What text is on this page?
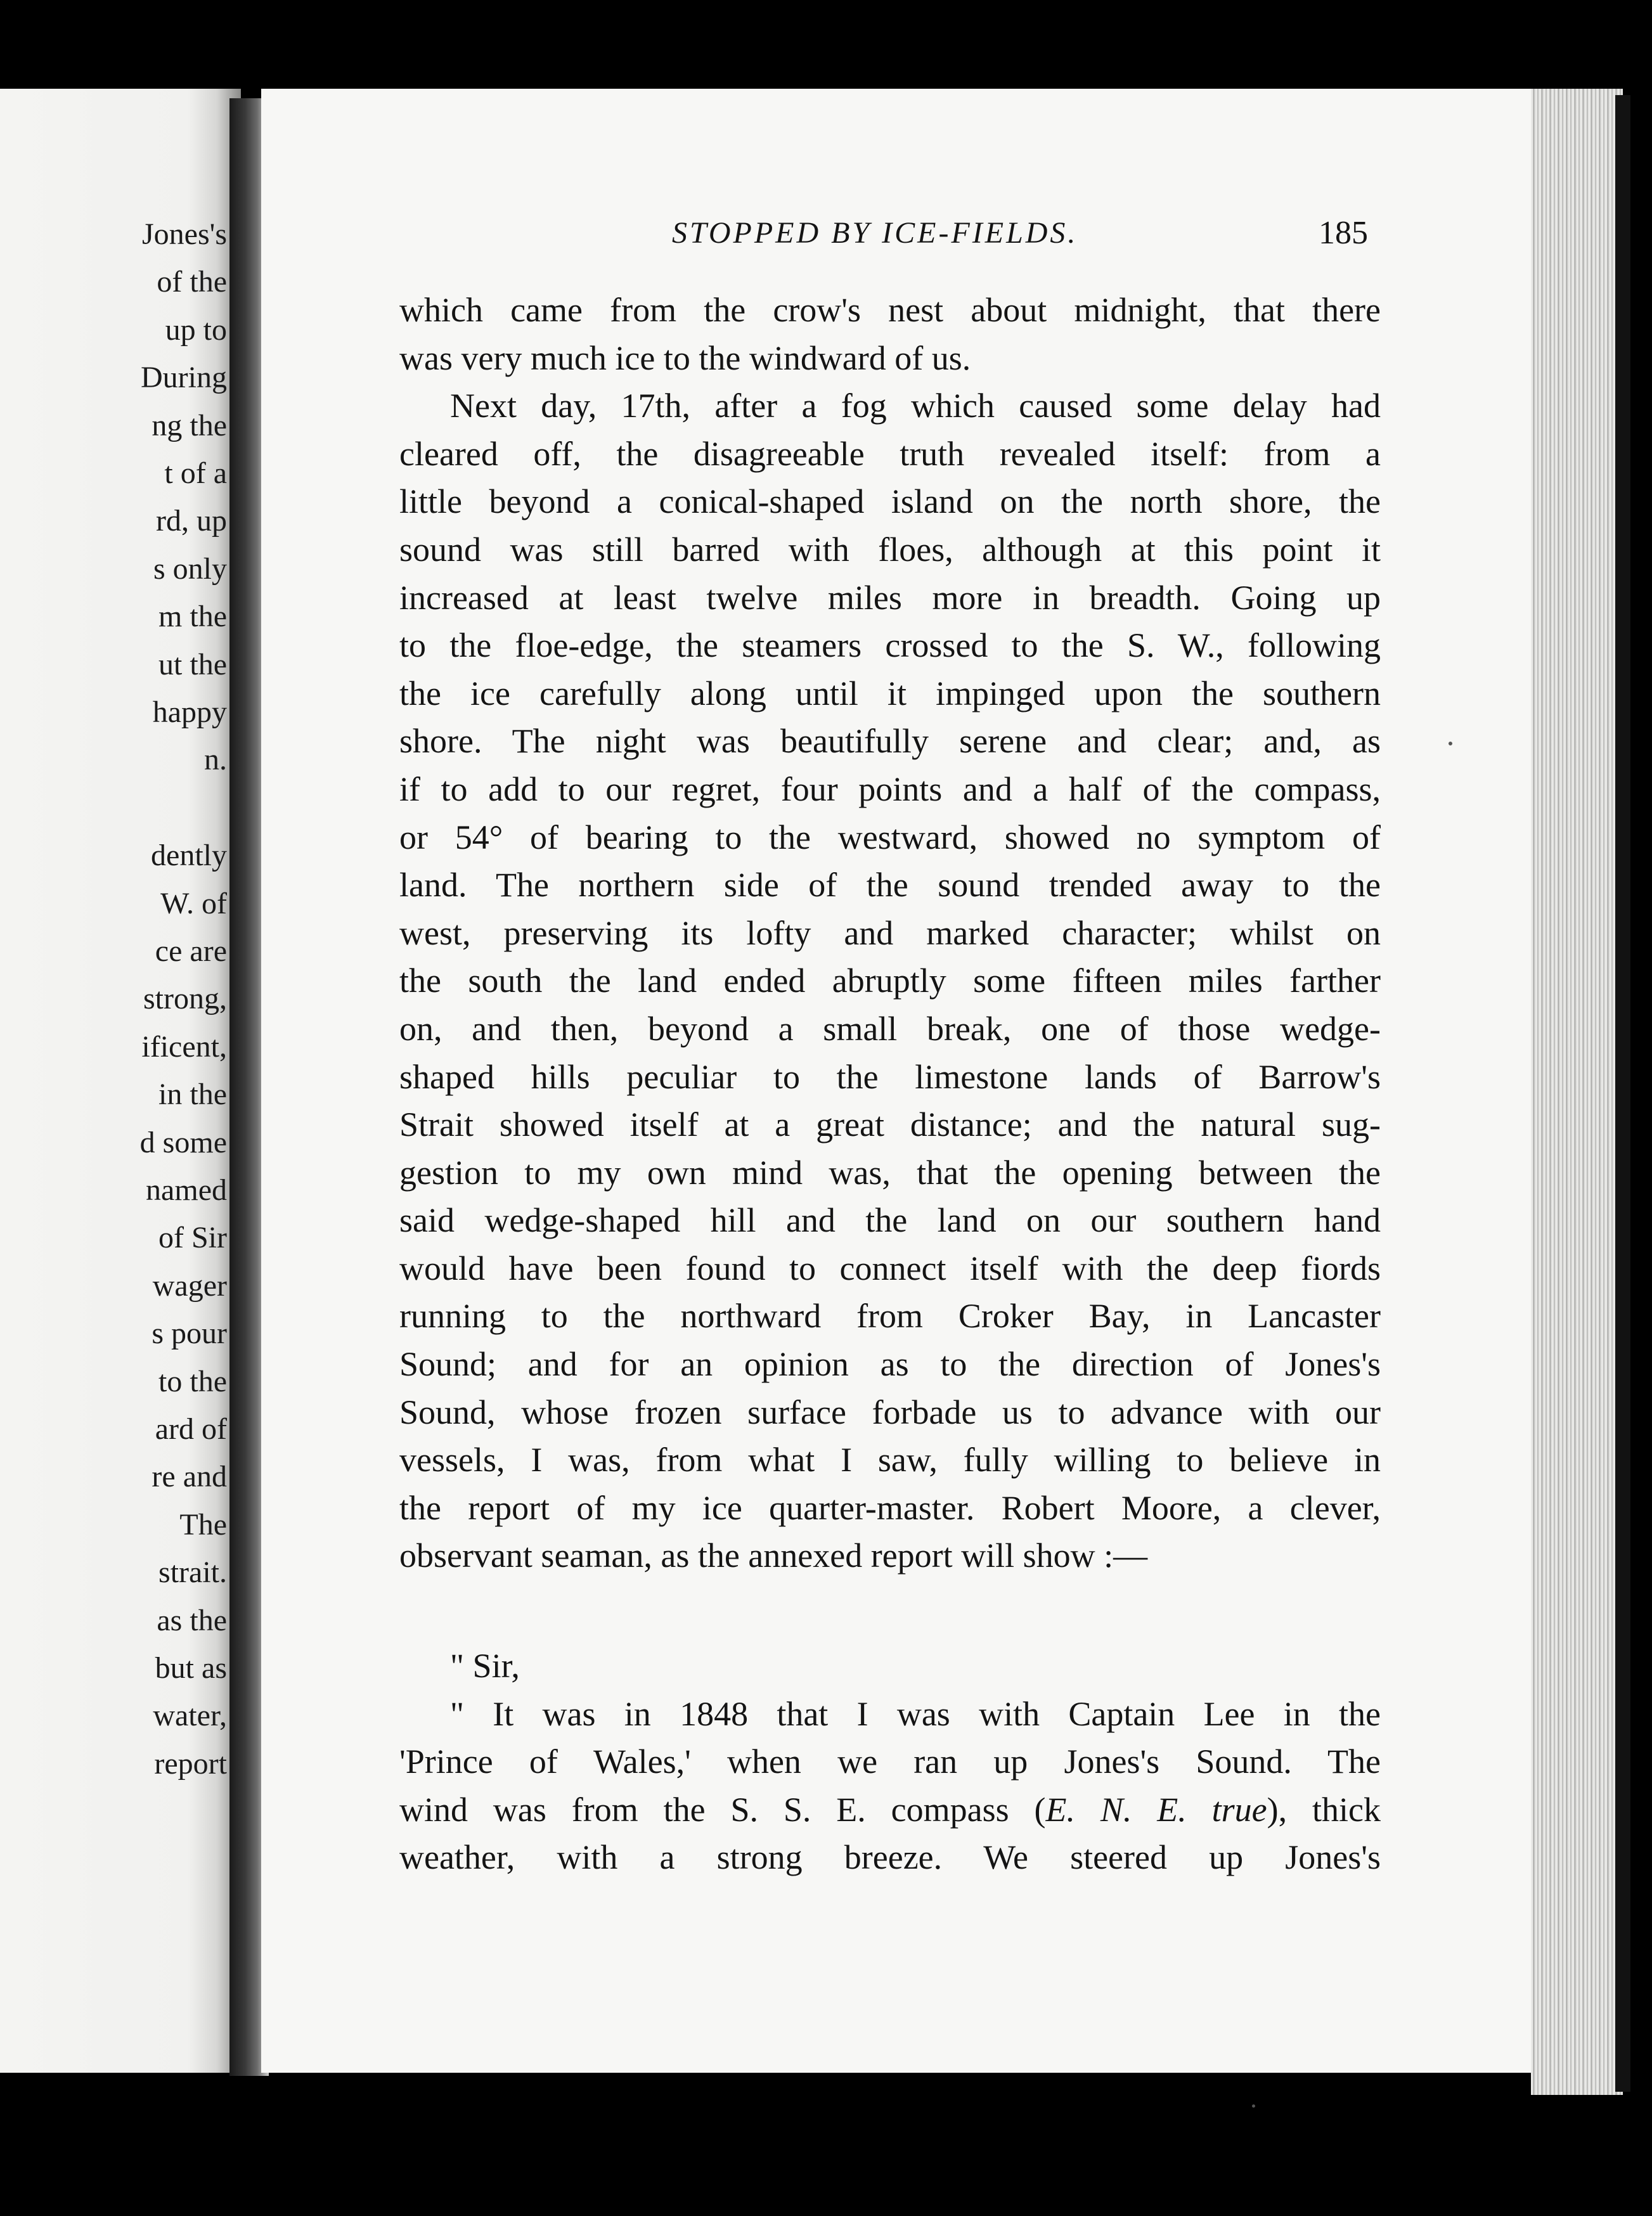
Jones's
of the
up to
During
ng the
t of a
rd, up
s only
m the
ut the
happy
n.
dently
W. of
ce are
strong,
ificent,
in the
d some
named
of Sir
wager
s pour
to the
ard of
re and
The
strait.
as the
but as
water,
report
STOPPED BY ICE-FIELDS.	185
which came from the crow's nest about midnight, that there
was very much ice to the windward of us.
Next day, 17th, after a fog which caused some delay had
cleared off, the disagreeable truth revealed itself: from a
little beyond a conical-shaped island on the north shore, the
sound was still barred with floes, although at this point it
increased at least twelve miles more in breadth. Going up
to the floe-edge, the steamers crossed to the S. W., following
the ice carefully along until it impinged upon the southern
shore. The night was beautifully serene and clear; and, as
if to add to our regret, four points and a half of the compass,
or 54° of bearing to the westward, showed no symptom of
land. The northern side of the sound trended away to the
west, preserving its lofty and marked character; whilst on
the south the land ended abruptly some fifteen miles farther
on, and then, beyond a small break, one of those wedge-
shaped hills peculiar to the limestone lands of Barrow's
Strait showed itself at a great distance; and the natural sug-
gestion to my own mind was, that the opening between the
said wedge-shaped hill and the land on our southern hand
would have been found to connect itself with the deep fiords
running to the northward from Croker Bay, in Lancaster
Sound; and for an opinion as to the direction of Jones's
Sound, whose frozen surface forbade us to advance with our
vessels, I was, from what I saw, fully willing to believe in
the report of my ice quarter-master. Robert Moore, a clever,
observant seaman, as the annexed report will show :—
" Sir,
" It was in 1848 that I was with Captain Lee in the
'Prince of Wales,' when we ran up Jones's Sound. The
wind was from the S. S. E. compass (E. N. E. true), thick
weather, with a strong breeze. We steered up Jones's
